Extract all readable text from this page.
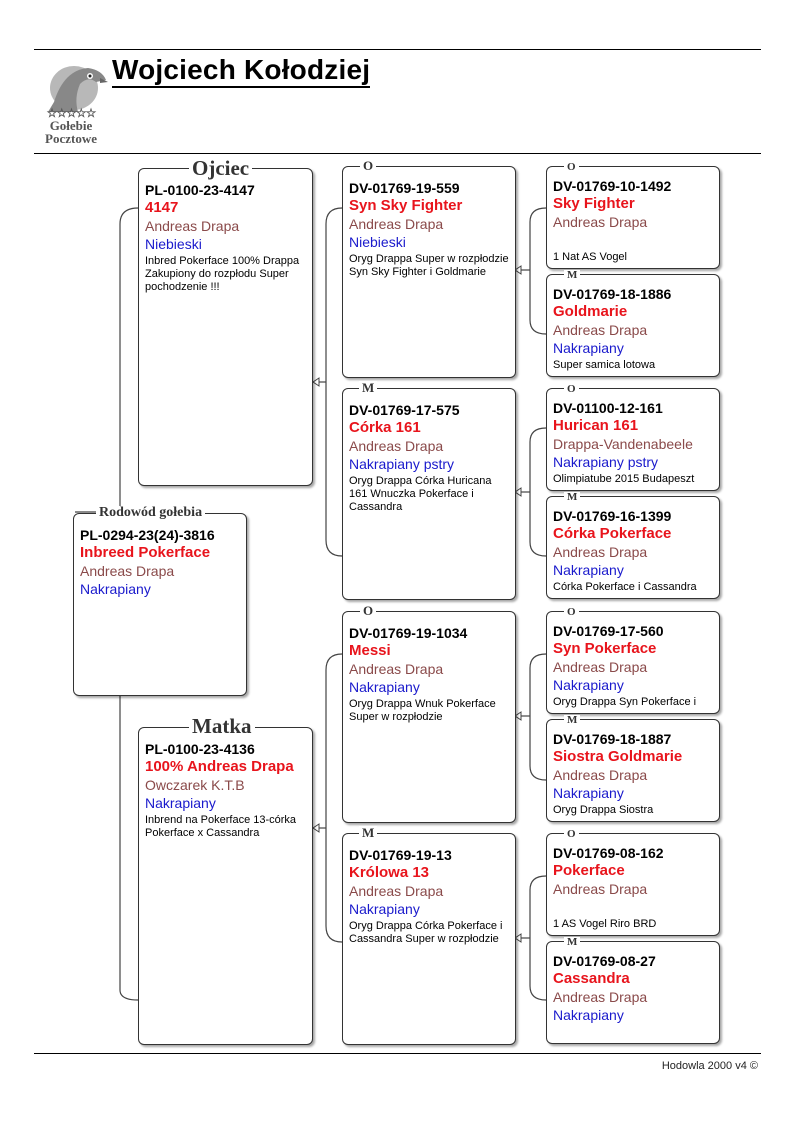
☆☆☆☆☆
Gołebie
Pocztowe
Wojciech Kołodziej
PL-0294-23(24)-3816
Inbreed Pokerface
Andreas Drapa
Nakrapiany
Rodowód gołebia
PL-0100-23-4147
4147
Andreas Drapa
Niebieski
Inbred Pokerface 100% Drappa Zakupiony do rozpłodu Super pochodzenie !!!
Ojciec
PL-0100-23-4136
100% Andreas Drapa
Owczarek K.T.B
Nakrapiany
Inbrend na Pokerface 13-córka Pokerface x Cassandra
Matka
DV-01769-19-559
Syn Sky Fighter
Andreas Drapa
Niebieski
Oryg Drappa Super w rozpłodzie Syn Sky Fighter i Goldmarie
O
DV-01769-17-575
Córka 161
Andreas Drapa
Nakrapiany pstry
Oryg Drappa Córka Huricana 161 Wnuczka Pokerface i Cassandra
M
DV-01769-19-1034
Messi
Andreas Drapa
Nakrapiany
Oryg Drappa Wnuk Pokerface Super w rozpłodzie
O
DV-01769-19-13
Królowa 13
Andreas Drapa
Nakrapiany
Oryg Drappa Córka Pokerface i Cassandra Super w rozpłodzie
M
DV-01769-10-1492
Sky Fighter
Andreas Drapa
1 Nat AS Vogel
O
DV-01769-18-1886
Goldmarie
Andreas Drapa
Nakrapiany
Super samica lotowa
M
DV-01100-12-161
Hurican 161
Drappa-Vandenabeele
Nakrapiany pstry
Olimpiatube 2015 Budapeszt
O
DV-01769-16-1399
Córka Pokerface
Andreas Drapa
Nakrapiany
Córka Pokerface i Cassandra
M
DV-01769-17-560
Syn Pokerface
Andreas Drapa
Nakrapiany
Oryg Drappa Syn Pokerface i
O
DV-01769-18-1887
Siostra Goldmarie
Andreas Drapa
Nakrapiany
Oryg Drappa Siostra
M
DV-01769-08-162
Pokerface
Andreas Drapa
1 AS Vogel Riro BRD
O
DV-01769-08-27
Cassandra
Andreas Drapa
Nakrapiany
M
Hodowla 2000 v4 ©
